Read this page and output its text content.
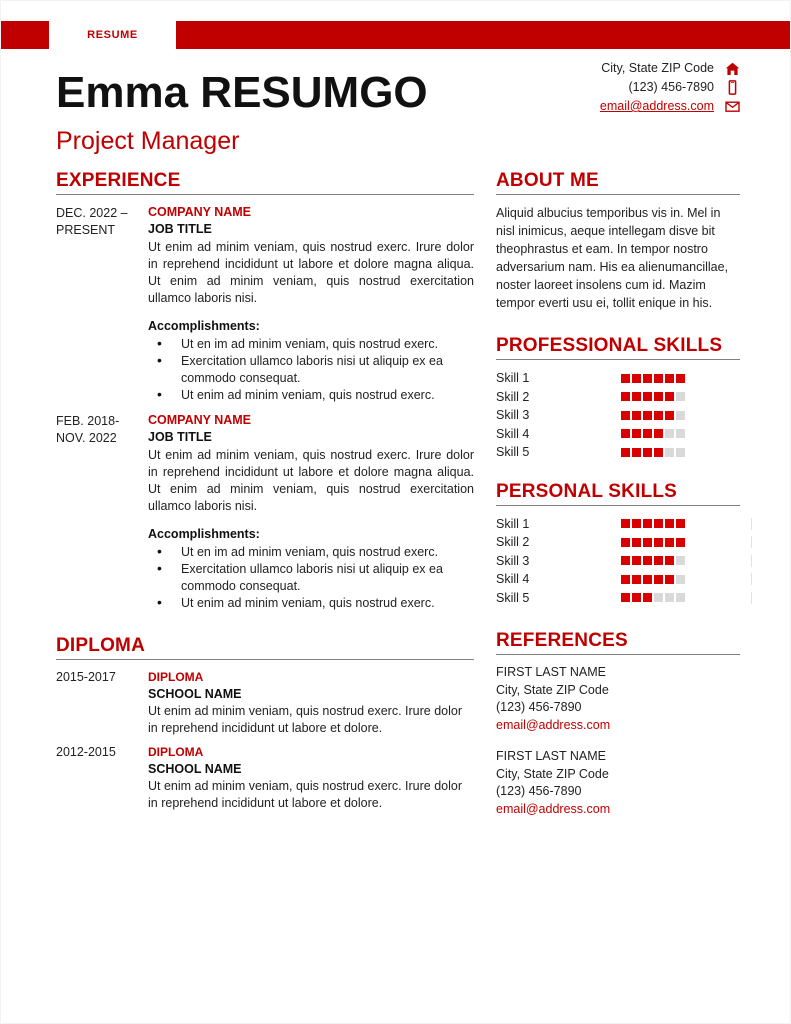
RESUME
Emma RESUMGO
Project Manager
City, State ZIP Code
(123) 456-7890
email@address.com
EXPERIENCE
DEC. 2022 – PRESENT
COMPANY NAME
JOB TITLE
Ut enim ad minim veniam, quis nostrud exerc. Irure dolor in reprehend incididunt ut labore et dolore magna aliqua. Ut enim ad minim veniam, quis nostrud exercitation ullamco laboris nisi.
Accomplishments:
• Ut en im ad minim veniam, quis nostrud exerc.
• Exercitation ullamco laboris nisi ut aliquip ex ea commodo consequat.
• Ut enim ad minim veniam, quis nostrud exerc.
FEB. 2018- NOV. 2022
COMPANY NAME
JOB TITLE
Ut enim ad minim veniam, quis nostrud exerc. Irure dolor in reprehend incididunt ut labore et dolore magna aliqua. Ut enim ad minim veniam, quis nostrud exercitation ullamco laboris nisi.
Accomplishments:
• Ut en im ad minim veniam, quis nostrud exerc.
• Exercitation ullamco laboris nisi ut aliquip ex ea commodo consequat.
• Ut enim ad minim veniam, quis nostrud exerc.
DIPLOMA
2015-2017	DIPLOMA
SCHOOL NAME
Ut enim ad minim veniam, quis nostrud exerc. Irure dolor in reprehend incididunt ut labore et dolore.
2012-2015	DIPLOMA
SCHOOL NAME
Ut enim ad minim veniam, quis nostrud exerc. Irure dolor in reprehend incididunt ut labore et dolore.
ABOUT ME
Aliquid albucius temporibus vis in. Mel in nisl inimicus, aeque intellegam disve bit theophrastus et eam. In tempor nostro adversarium nam. His ea alienumancillae, noster laoreet insolens cum id. Mazim tempor everti usu ei, tollit enique in his.
PROFESSIONAL SKILLS
Skill 1
Skill 2
Skill 3
Skill 4
Skill 5
PERSONAL SKILLS
Skill 1
Skill 2
Skill 3
Skill 4
Skill 5
REFERENCES
FIRST LAST NAME
City, State ZIP Code
(123) 456-7890
email@address.com
FIRST LAST NAME
City, State ZIP Code
(123) 456-7890
email@address.com
